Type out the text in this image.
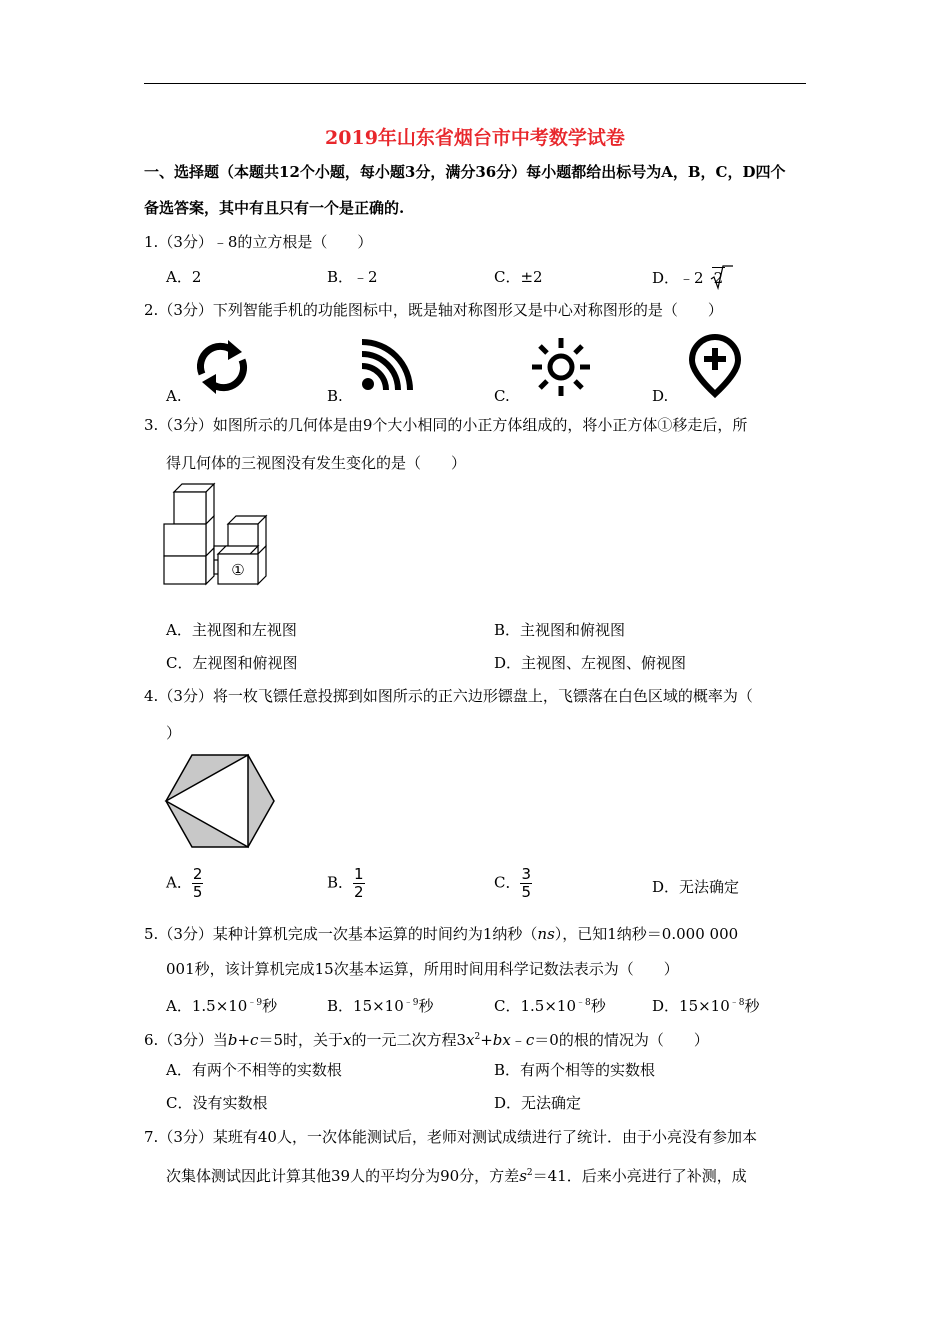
2019年山东省烟台市中考数学试卷
一、选择题（本题共12个小题，每小题3分，满分36分）每小题都给出标号为A，B，C，D四个
备选答案，其中有且只有一个是正确的.
1.（3分）﹣8的立方根是（　　）
A．2	B．﹣2	C．±2	D．﹣2 2
2.（3分）下列智能手机的功能图标中，既是轴对称图形又是中心对称图形的是（　　）
A.	B.	C.	D.
3.（3分）如图所示的几何体是由9个大小相同的小正方体组成的，将小正方体①移走后，所
得几何体的三视图没有发生变化的是（　　）
①
A．主视图和左视图	B．主视图和俯视图
C．左视图和俯视图	D．主视图、左视图、俯视图
4.（3分）将一枚飞镖任意投掷到如图所示的正六边形镖盘上，飞镖落在白色区域的概率为（
）
A． $\frac{2}{5}$	B． $\frac{1}{2}$	C． $\frac{3}{5}$	D．无法确定
5.（3分）某种计算机完成一次基本运算的时间约为1纳秒（ns），已知1纳秒＝0.000 000
001秒，该计算机完成15次基本运算，所用时间用科学记数法表示为（　　）
A．$1.5\times 10^{﹣9}$秒	B．$15\times 10^{﹣9}$秒	C．$1.5\times 10^{﹣8}$秒	D．$15\times 10^{﹣8}$秒
6.（3分）当b+c＝5时，关于x的一元二次方程$3x^2+bx﹣c=0$的根的情况为（　　）
A．有两个不相等的实数根	B．有两个相等的实数根
C．没有实数根	D．无法确定
7.（3分）某班有40人，一次体能测试后，老师对测试成绩进行了统计．由于小亮没有参加本
次集体测试因此计算其他39人的平均分为90分，方差$s^2=41$．后来小亮进行了补测，成
